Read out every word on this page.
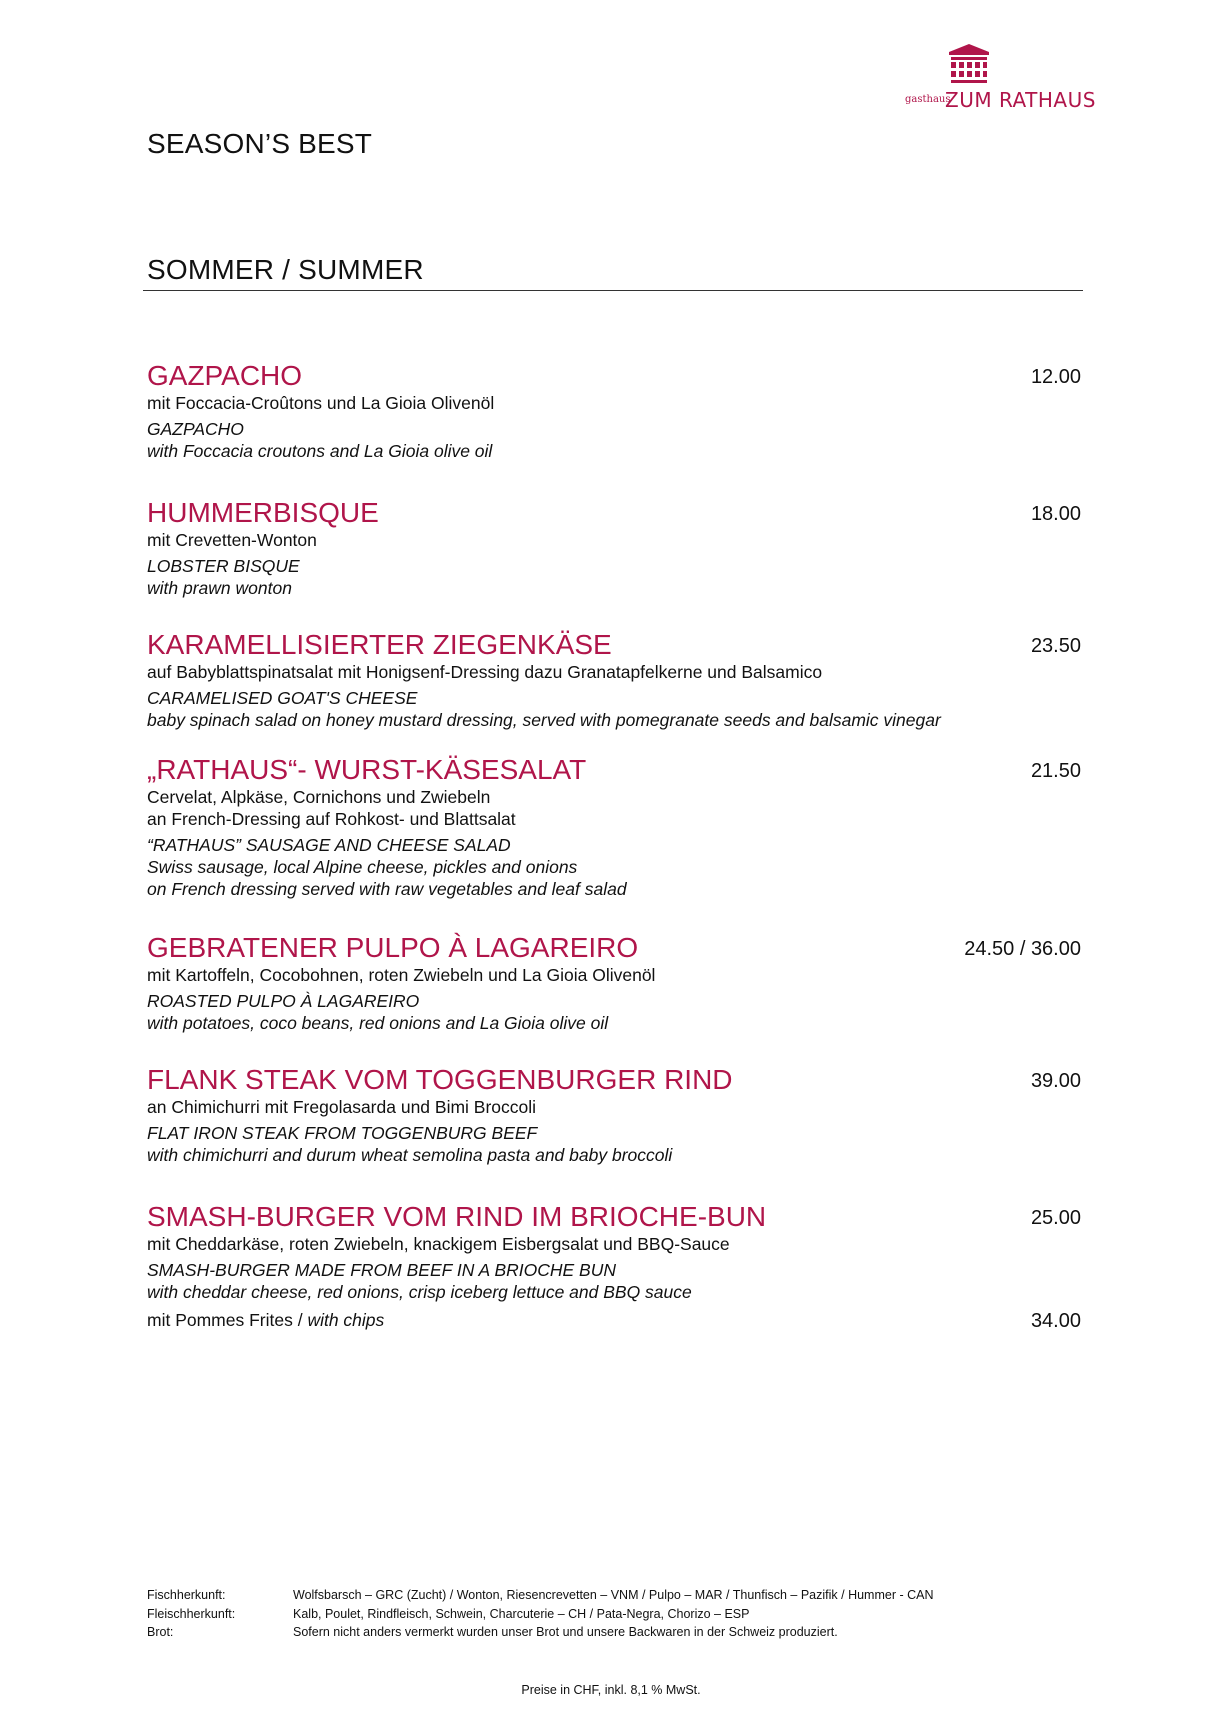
gasthaus
ZUM RATHAUS
SEASON’S BEST
SOMMER / SUMMER
GAZPACHO	12.00
mit Foccacia-Croûtons und La Gioia Olivenöl
GAZPACHO
with Foccacia croutons and La Gioia olive oil
HUMMERBISQUE	18.00
mit Crevetten-Wonton
LOBSTER BISQUE
with prawn wonton
KARAMELLISIERTER ZIEGENKÄSE	23.50
auf Babyblattspinatsalat mit Honigsenf-Dressing dazu Granatapfelkerne und Balsamico
CARAMELISED GOAT'S CHEESE
baby spinach salad on honey mustard dressing, served with pomegranate seeds and balsamic vinegar
„RATHAUS“- WURST-KÄSESALAT	21.50
Cervelat, Alpkäse, Cornichons und Zwiebeln
an French-Dressing auf Rohkost- und Blattsalat
“RATHAUS” SAUSAGE AND CHEESE SALAD
Swiss sausage, local Alpine cheese, pickles and onions
on French dressing served with raw vegetables and leaf salad
GEBRATENER PULPO À LAGAREIRO	24.50 / 36.00
mit Kartoffeln, Cocobohnen, roten Zwiebeln und La Gioia Olivenöl
ROASTED PULPO À LAGAREIRO
with potatoes, coco beans, red onions and La Gioia olive oil
FLANK STEAK VOM TOGGENBURGER RIND	39.00
an Chimichurri mit Fregolasarda und Bimi Broccoli
FLAT IRON STEAK FROM TOGGENBURG BEEF
with chimichurri and durum wheat semolina pasta and baby broccoli
SMASH-BURGER VOM RIND IM BRIOCHE-BUN	25.00
mit Cheddarkäse, roten Zwiebeln, knackigem Eisbergsalat und BBQ-Sauce
SMASH-BURGER MADE FROM BEEF IN A BRIOCHE BUN
with cheddar cheese, red onions, crisp iceberg lettuce and BBQ sauce
mit Pommes Frites / with chips	34.00
Fischherkunft:	Wolfsbarsch – GRC (Zucht) / Wonton, Riesencrevetten – VNM / Pulpo – MAR / Thunfisch – Pazifik / Hummer - CAN
Fleischherkunft:	Kalb, Poulet, Rindfleisch, Schwein, Charcuterie – CH / Pata-Negra, Chorizo – ESP
Brot:	Sofern nicht anders vermerkt wurden unser Brot und unsere Backwaren in der Schweiz produziert.
Preise in CHF, inkl. 8,1 % MwSt.
